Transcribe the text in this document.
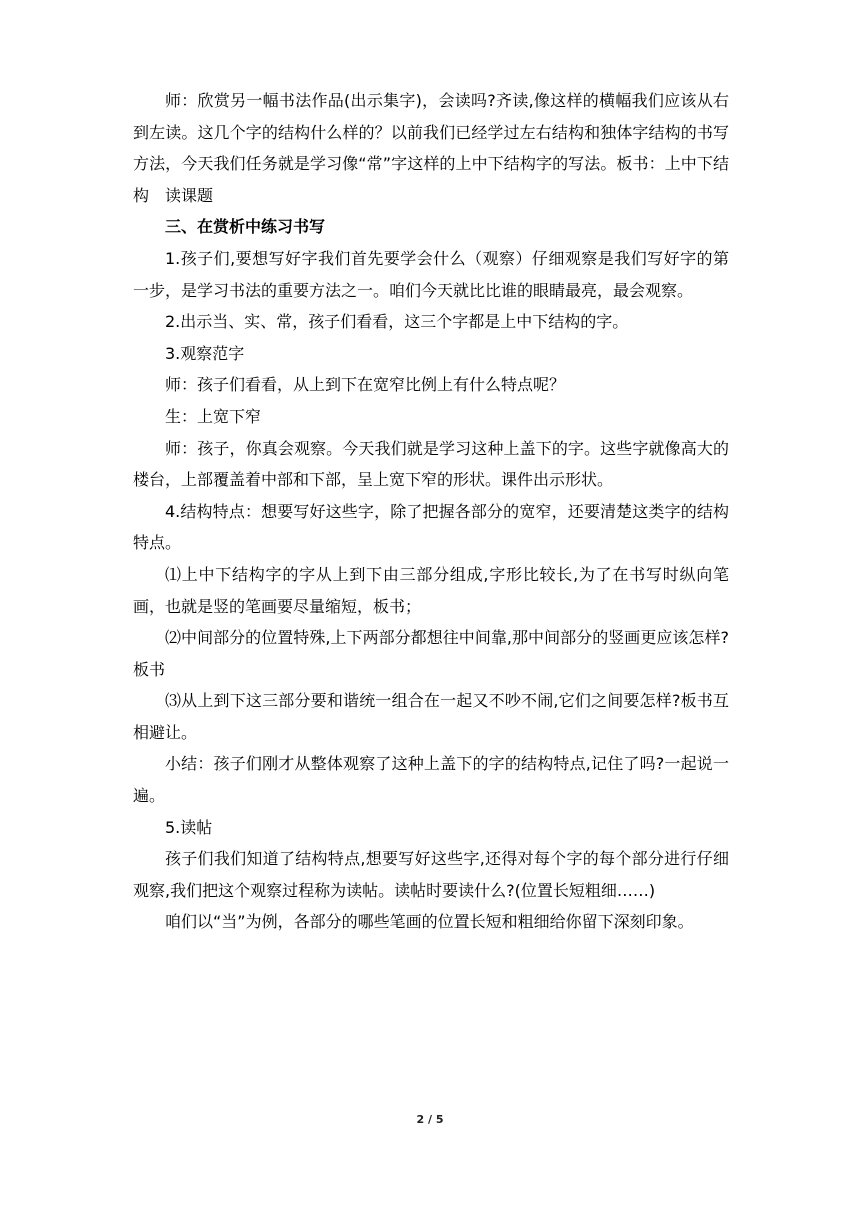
师：欣赏另一幅书法作品(出示集字)，会读吗?齐读,像这样的横幅我们应该从右到左读。这几个字的结构什么样的？以前我们已经学过左右结构和独体字结构的书写方法，今天我们任务就是学习像“常”字这样的上中下结构字的写法。板书：上中下结构　读课题

三、在赏析中练习书写

1.孩子们,要想写好字我们首先要学会什么（观察）仔细观察是我们写好字的第一步，是学习书法的重要方法之一。咱们今天就比比谁的眼睛最亮，最会观察。

2.出示当、实、常，孩子们看看，这三个字都是上中下结构的字。

3.观察范字

师：孩子们看看，从上到下在宽窄比例上有什么特点呢？

生：上宽下窄

师：孩子，你真会观察。今天我们就是学习这种上盖下的字。这些字就像高大的楼台，上部覆盖着中部和下部，呈上宽下窄的形状。课件出示形状。

4.结构特点：想要写好这些字，除了把握各部分的宽窄，还要清楚这类字的结构特点。

⑴上中下结构字的字从上到下由三部分组成,字形比较长,为了在书写时纵向笔画，也就是竖的笔画要尽量缩短，板书；

⑵中间部分的位置特殊,上下两部分都想往中间靠,那中间部分的竖画更应该怎样?板书

⑶从上到下这三部分要和谐统一组合在一起又不吵不闹,它们之间要怎样?板书互相避让。

小结：孩子们刚才从整体观察了这种上盖下的字的结构特点,记住了吗?一起说一遍。

5.读帖

孩子们我们知道了结构特点,想要写好这些字,还得对每个字的每个部分进行仔细观察,我们把这个观察过程称为读帖。读帖时要读什么?(位置长短粗细……)

咱们以“当”为例，各部分的哪些笔画的位置长短和粗细给你留下深刻印象。

2 / 5
